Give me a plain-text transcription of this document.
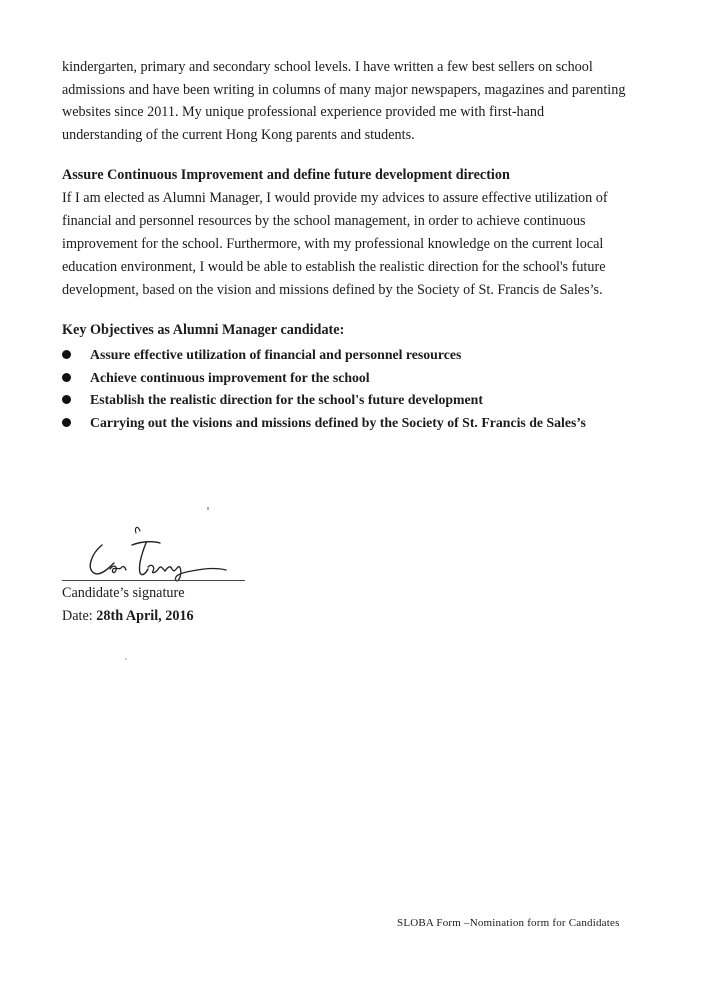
kindergarten, primary and secondary school levels. I have written a few best sellers on school
admissions and have been writing in columns of many major newspapers, magazines and parenting
websites since 2011. My unique professional experience provided me with first-hand
understanding of the current Hong Kong parents and students.
Assure Continuous Improvement and define future development direction
If I am elected as Alumni Manager, I would provide my advices to assure effective utilization of
financial and personnel resources by the school management, in order to achieve continuous
improvement for the school. Furthermore, with my professional knowledge on the current local
education environment, I would be able to establish the realistic direction for the school's future
development, based on the vision and missions defined by the Society of St. Francis de Sales’s.
Key Objectives as Alumni Manager candidate:
Assure effective utilization of financial and personnel resources
Achieve continuous improvement for the school
Establish the realistic direction for the school's future development
Carrying out the visions and missions defined by the Society of St. Francis de Sales’s
Candidate’s signature
Date: 28th April, 2016
SLOBA Form –Nomination form for Candidates
